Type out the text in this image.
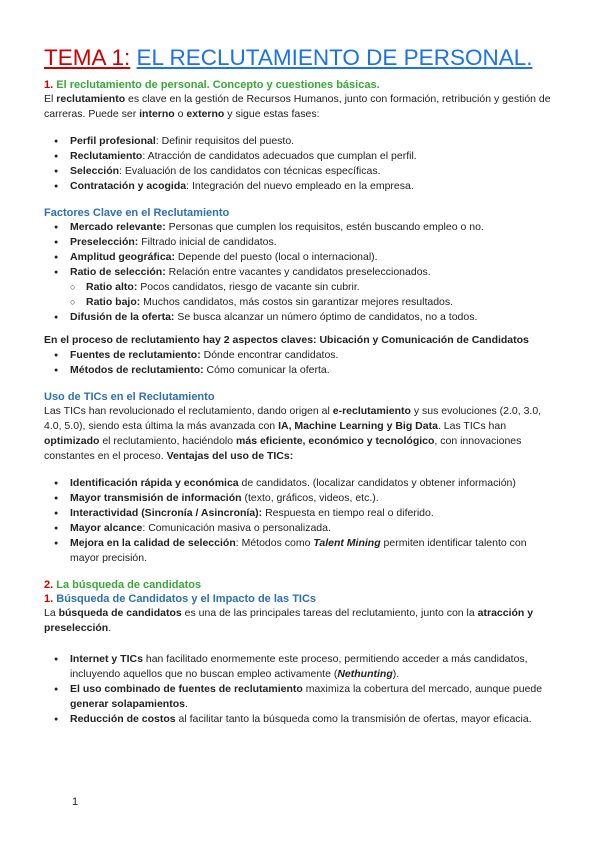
TEMA 1: EL RECLUTAMIENTO DE PERSONAL.
1. El reclutamiento de personal. Concepto y cuestiones básicas.

El reclutamiento es clave en la gestión de Recursos Humanos, junto con formación, retribución y gestión de carreras. Puede ser interno o externo y sigue estas fases:

● Perfil profesional: Definir requisitos del puesto.
● Reclutamiento: Atracción de candidatos adecuados que cumplan el perfil.
● Selección: Evaluación de los candidatos con técnicas específicas.
● Contratación y acogida: Integración del nuevo empleado en la empresa.
Factores Clave en el Reclutamiento
● Mercado relevante: Personas que cumplen los requisitos, estén buscando empleo o no.
● Preselección: Filtrado inicial de candidatos.
● Amplitud geográfica: Depende del puesto (local o internacional).
● Ratio de selección: Relación entre vacantes y candidatos preseleccionados.
○ Ratio alto: Pocos candidatos, riesgo de vacante sin cubrir.
○ Ratio bajo: Muchos candidatos, más costos sin garantizar mejores resultados.
● Difusión de la oferta: Se busca alcanzar un número óptimo de candidatos, no a todos.
En el proceso de reclutamiento hay 2 aspectos claves: Ubicación y Comunicación de Candidatos
● Fuentes de reclutamiento: Dónde encontrar candidatos.
● Métodos de reclutamiento: Cómo comunicar la oferta.
Uso de TICs en el Reclutamiento

Las TICs han revolucionado el reclutamiento, dando origen al e-reclutamiento y sus evoluciones (2.0, 3.0, 4.0, 5.0), siendo esta última la más avanzada con IA, Machine Learning y Big Data. Las TICs han optimizado el reclutamiento, haciéndolo más eficiente, económico y tecnológico, con innovaciones constantes en el proceso. Ventajas del uso de TICs:

● Identificación rápida y económica de candidatos. (localizar candidatos y obtener información)
● Mayor transmisión de información (texto, gráficos, videos, etc.).
● Interactividad (Sincronía / Asincronía): Respuesta en tiempo real o diferido.
● Mayor alcance: Comunicación masiva o personalizada.
● Mejora en la calidad de selección: Métodos como Talent Mining permiten identificar talento con mayor precisión.
2. La búsqueda de candidatos
1. Búsqueda de Candidatos y el Impacto de las TICs

La búsqueda de candidatos es una de las principales tareas del reclutamiento, junto con la atracción y preselección.

● Internet y TICs han facilitado enormemente este proceso, permitiendo acceder a más candidatos, incluyendo aquellos que no buscan empleo activamente (Nethunting).
● El uso combinado de fuentes de reclutamiento maximiza la cobertura del mercado, aunque puede generar solapamientos.
● Reducción de costos al facilitar tanto la búsqueda como la transmisión de ofertas, mayor eficacia.
1
